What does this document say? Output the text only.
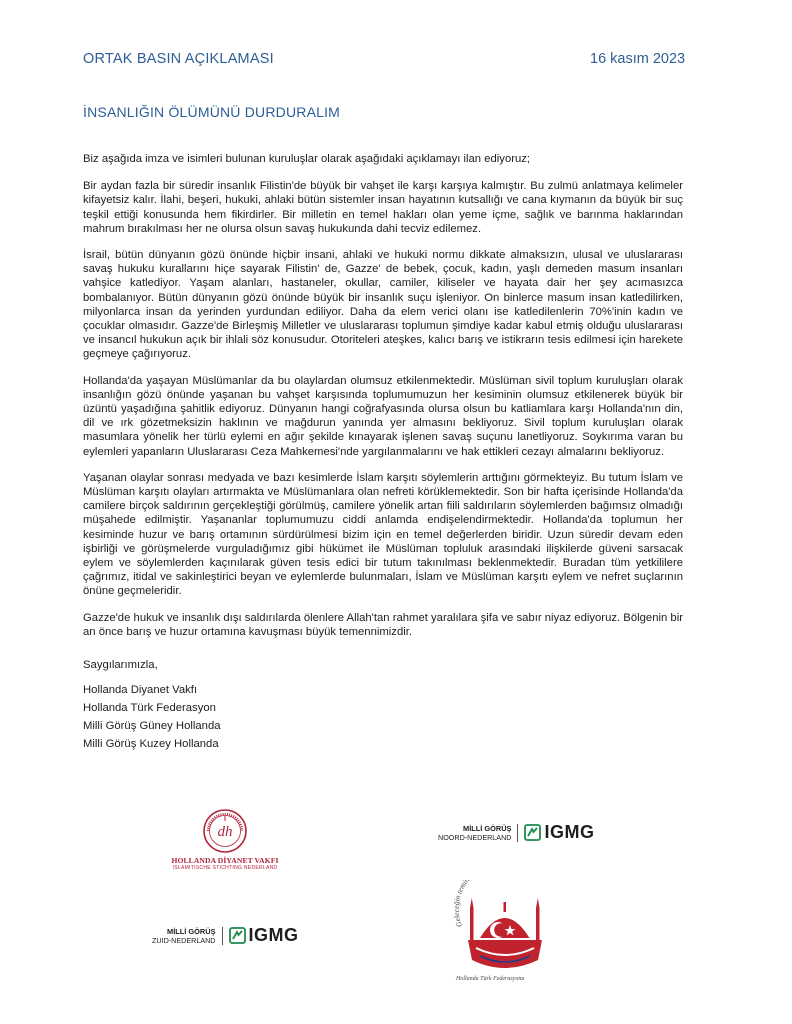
ORTAK BASIN AÇIKLAMASI	16 kasım 2023
İNSANLIĞIN ÖLÜMÜNÜ DURDURALIM

Biz aşağıda imza ve isimleri bulunan kuruluşlar olarak aşağıdaki açıklamayı ilan ediyoruz;

Bir aydan fazla bir süredir insanlık Filistin'de büyük bir vahşet ile karşı karşıya kalmıştır. Bu zulmü anlatmaya kelimeler kifayetsiz kalır. İlahi, beşeri, hukuki, ahlaki bütün sistemler insan hayatının kutsallığı ve cana kıymanın da büyük bir suç teşkil ettiği konusunda hem fikirdirler. Bir milletin en temel hakları olan yeme içme, sağlık ve barınma haklarından mahrum bırakılması her ne olursa olsun savaş hukukunda dahi tecviz edilemez.

İsrail, bütün dünyanın gözü önünde hiçbir insani, ahlaki ve hukuki normu dikkate almaksızın, ulusal ve uluslararası savaş hukuku kurallarını hiçe sayarak Filistin' de, Gazze' de bebek, çocuk, kadın, yaşlı demeden masum insanları vahşice katlediyor. Yaşam alanları, hastaneler, okullar, camiler, kiliseler ve hayata dair her şey acımasızca bombalanıyor. Bütün dünyanın gözü önünde büyük bir insanlık suçu işleniyor. On binlerce masum insan katledilirken, milyonlarca insan da yerinden yurdundan ediliyor. Daha da elem verici olanı ise katledilenlerin 70%'inin kadın ve çocuklar olmasıdır. Gazze'de Birleşmiş Milletler ve uluslararası toplumun şimdiye kadar kabul etmiş olduğu uluslararası ve insancıl hukukun açık bir ihlali söz konusudur. Otoriteleri ateşkes, kalıcı barış ve istikrarın tesis edilmesi için harekete geçmeye çağırıyoruz.

Hollanda'da yaşayan Müslümanlar da bu olaylardan olumsuz etkilenmektedir. Müslüman sivil toplum kuruluşları olarak insanlığın gözü önünde yaşanan bu vahşet karşısında toplumumuzun her kesiminin olumsuz etkilenerek büyük bir üzüntü yaşadığına şahitlik ediyoruz. Dünyanın hangi coğrafyasında olursa olsun bu katliamlara karşı Hollanda'nın din, dil ve ırk gözetmeksizin haklının ve mağdurun yanında yer almasını bekliyoruz. Sivil toplum kuruluşları olarak masumlara yönelik her türlü eylemi en ağır şekilde kınayarak işlenen savaş suçunu lanetliyoruz. Soykırıma varan bu eylemleri yapanların Uluslararası Ceza Mahkemesi'nde yargılanmalarını ve hak ettikleri cezayı almalarını bekliyoruz.

Yaşanan olaylar sonrası medyada ve bazı kesimlerde İslam karşıtı söylemlerin arttığını görmekteyiz. Bu tutum İslam ve Müslüman karşıtı olayları artırmakta ve Müslümanlara olan nefreti körüklemektedir. Son bir hafta içerisinde Hollanda'da camilere birçok saldırının gerçekleştiği görülmüş, camilere yönelik artan fiili saldırıların söylemlerden bağımsız olmadığı müşahede edilmiştir. Yaşananlar toplumumuzu ciddi anlamda endişelendirmektedir. Hollanda'da toplumun her kesiminde huzur ve barış ortamının sürdürülmesi bizim için en temel değerlerden biridir. Uzun süredir devam eden işbirliği ve görüşmelerde vurguladığımız gibi hükümet ile Müslüman topluluk arasındaki ilişkilerde güveni sarsacak eylem ve söylemlerden kaçınılarak güven tesis edici bir tutum takınılması beklenmektedir. Buradan tüm yetkililere çağrımız, itidal ve sakinleştirici beyan ve eylemlerde bulunmaları, İslam ve Müslüman karşıtı eylem ve nefret suçlarının önüne geçmeleridir.

Gazze'de hukuk ve insanlık dışı saldırılarda ölenlere Allah'tan rahmet yaralılara şifa ve sabır niyaz ediyoruz. Bölgenin bir an önce barış ve huzur ortamına kavuşması büyük temennimizdir.

Saygılarımızla,

Hollanda Diyanet Vakfı

Hollanda Türk Federasyon

Milli Görüş Güney Hollanda

Milli Görüş Kuzey Hollanda

dh
HOLLANDA DİYANET VAKFI
ISLAMITISCHE STICHTING NEDERLAND
MİLLİ GÖRÜŞ
NOORD-NEDERLAND IGMG
MİLLİ GÖRÜŞ
ZUID-NEDERLAND IGMG
Geleceğin temi
Hollanda Türk Federasyonu
